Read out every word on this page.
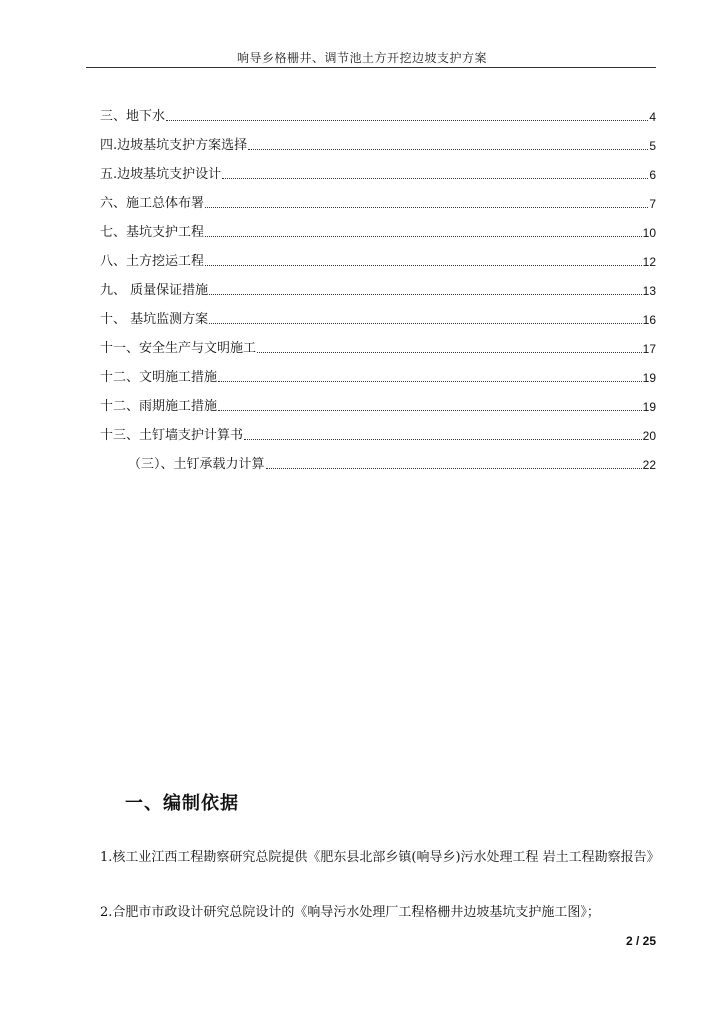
响导乡格栅井、调节池土方开挖边坡支护方案
三、地下水	4
四.边坡基坑支护方案选择	5
五.边坡基坑支护设计	6
六、施工总体布署	7
七、基坑支护工程	10
八、土方挖运工程	12
九、 质量保证措施	13
十、 基坑监测方案	16
十一、安全生产与文明施工	17
十二、文明施工措施	19
十二、雨期施工措施	19
十三、土钉墙支护计算书	20
（三）、土钉承载力计算	22
一、编制依据
1.核工业江西工程勘察研究总院提供《肥东县北部乡镇(响导乡)污水处理工程 岩土工程勘察报告》
2.合肥市市政设计研究总院设计的《响导污水处理厂工程格栅井边坡基坑支护施工图》；
2 / 25
